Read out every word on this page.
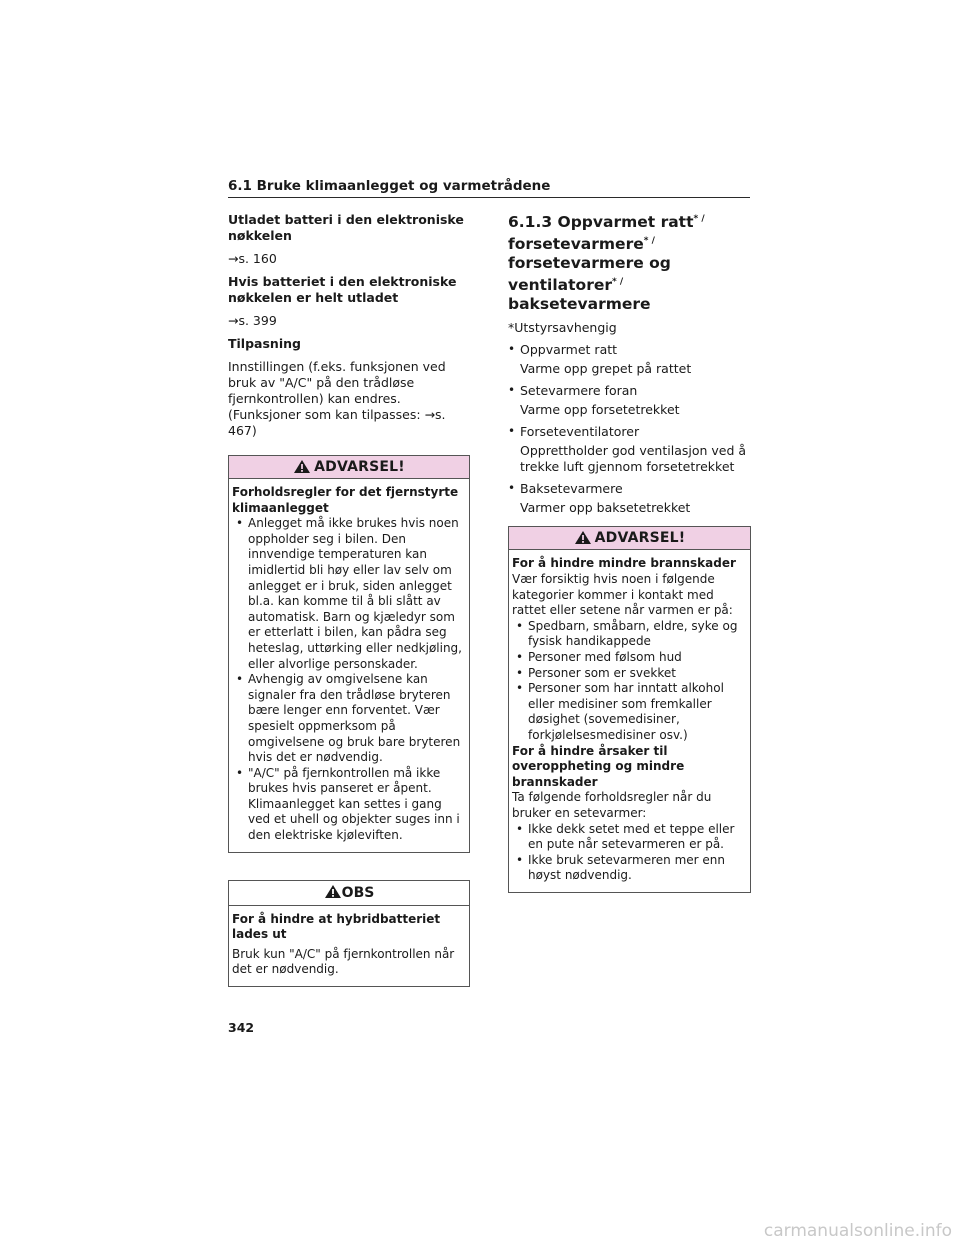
6.1 Bruke klimaanlegget og varmetrådene
Utladet batteri i den elektroniske nøkkelen
→s. 160
Hvis batteriet i den elektroniske nøkkelen er helt utladet
→s. 399
Tilpasning
Innstillingen (f.eks. funksjonen ved bruk av "A/C" på den trådløse fjernkontrollen) kan endres. (Funksjoner som kan tilpasses: →s. 467)
ADVARSEL!
Forholdsregler for det fjernstyrte klimaanlegget
• Anlegget må ikke brukes hvis noen oppholder seg i bilen. Den innvendige temperaturen kan imidlertid bli høy eller lav selv om anlegget er i bruk, siden anlegget bl.a. kan komme til å bli slått av automatisk. Barn og kjæledyr som er etterlatt i bilen, kan pådra seg heteslag, uttørking eller nedkjøling, eller alvorlige personskader.
• Avhengig av omgivelsene kan signaler fra den trådløse bryteren bære lenger enn forventet. Vær spesielt oppmerksom på omgivelsene og bruk bare bryteren hvis det er nødvendig.
• "A/C" på fjernkontrollen må ikke brukes hvis panseret er åpent. Klimaanlegget kan settes i gang ved et uhell og objekter suges inn i den elektriske kjøleviften.
OBS
For å hindre at hybridbatteriet lades ut
Bruk kun "A/C" på fjernkontrollen når det er nødvendig.
6.1.3 Oppvarmet ratt* /
forsetevarmere* /
forsetevarmere og ventilatorer* /
baksetevarmere
*Utstyrsavhengig
• Oppvarmet ratt
Varme opp grepet på rattet
• Setevarmere foran
Varme opp forsetetrekket
• Forseteventilatorer
Opprettholder god ventilasjon ved å trekke luft gjennom forsetetrekket
• Baksetevarmere
Varmer opp baksetetrekket
ADVARSEL!
For å hindre mindre brannskader
Vær forsiktig hvis noen i følgende kategorier kommer i kontakt med rattet eller setene når varmen er på:
• Spedbarn, småbarn, eldre, syke og fysisk handikappede
• Personer med følsom hud
• Personer som er svekket
• Personer som har inntatt alkohol eller medisiner som fremkaller døsighet (sovemedisiner, forkjølelsesmedisiner osv.)
For å hindre årsaker til overoppheting og mindre brannskader
Ta følgende forholdsregler når du bruker en setevarmer:
• Ikke dekk setet med et teppe eller en pute når setevarmeren er på.
• Ikke bruk setevarmeren mer enn høyst nødvendig.
342
carmanualsonline.info
